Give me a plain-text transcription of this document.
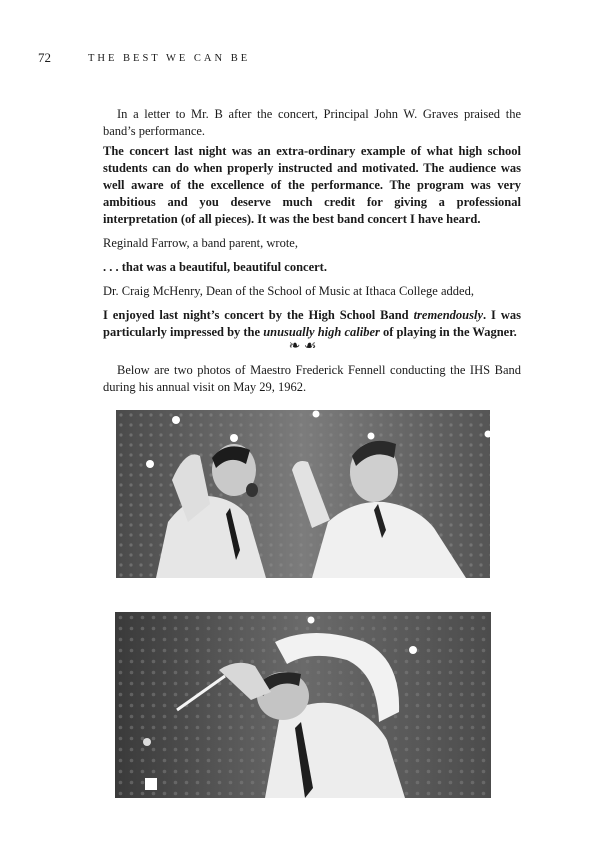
72	THE BEST WE CAN BE

In a letter to Mr. B after the concert, Principal John W. Graves praised the band’s performance.

The concert last night was an extra-ordinary example of what high school students can do when properly instructed and motivated. The audience was well aware of the excellence of the performance. The program was very ambitious and you deserve much credit for giving a professional interpretation (of all pieces). It was the best band concert I have heard.

Reginald Farrow, a band parent, wrote,

. . . that was a beautiful, beautiful concert.

Dr. Craig McHenry, Dean of the School of Music at Ithaca College added,

I enjoyed last night’s concert by the High School Band tremendously. I was particularly impressed by the unusually high caliber of playing in the Wagner.

❧ ☙

Below are two photos of Maestro Frederick Fennell conducting the IHS Band during his annual visit on May 29, 1962.
